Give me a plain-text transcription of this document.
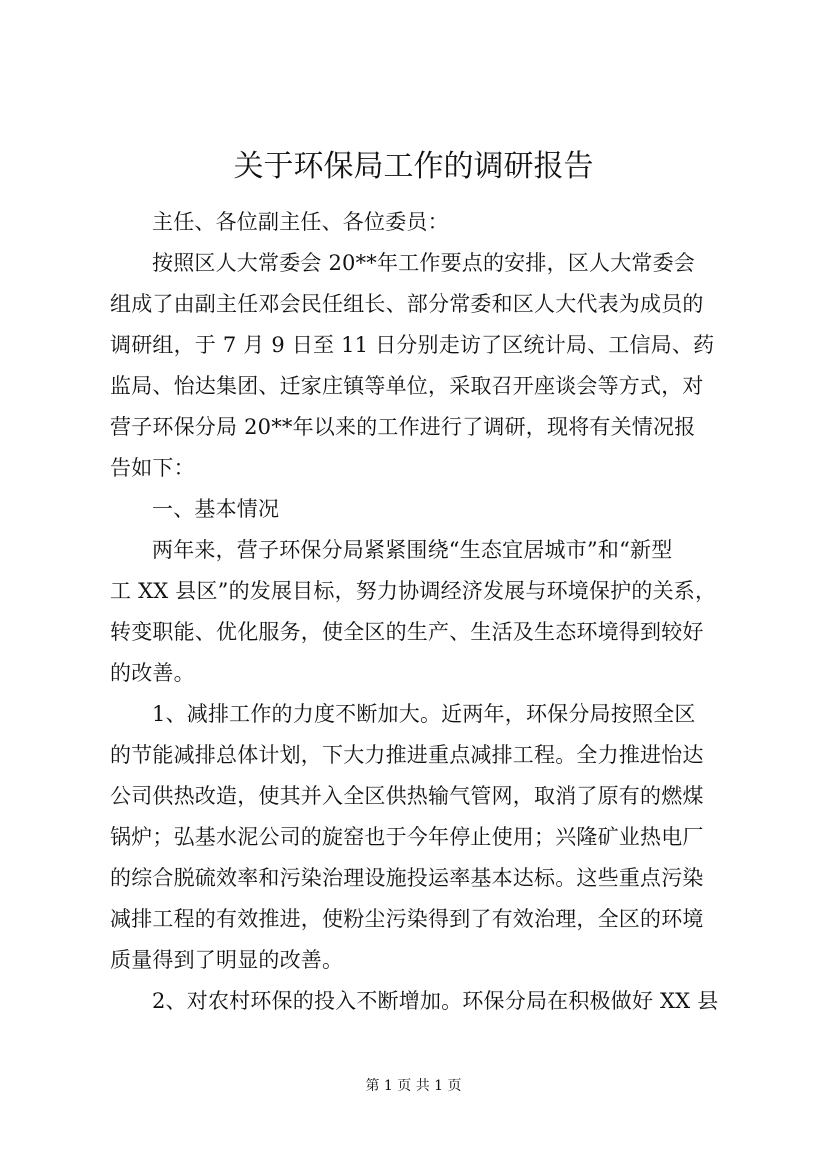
关于环保局工作的调研报告
主任、各位副主任、各位委员：
按照区人大常委会 20**年工作要点的安排，区人大常委会
组成了由副主任邓会民任组长、部分常委和区人大代表为成员的
调研组，于 7 月 9 日至 11 日分别走访了区统计局、工信局、药
监局、怡达集团、迁家庄镇等单位，采取召开座谈会等方式，对
营子环保分局 20**年以来的工作进行了调研，现将有关情况报
告如下：
一、基本情况
两年来，营子环保分局紧紧围绕“生态宜居城市”和“新型
工 XX 县区”的发展目标，努力协调经济发展与环境保护的关系，
转变职能、优化服务，使全区的生产、生活及生态环境得到较好
的改善。
1、减排工作的力度不断加大。近两年，环保分局按照全区
的节能减排总体计划，下大力推进重点减排工程。全力推进怡达
公司供热改造，使其并入全区供热输气管网，取消了原有的燃煤
锅炉；弘基水泥公司的旋窑也于今年停止使用；兴隆矿业热电厂
的综合脱硫效率和污染治理设施投运率基本达标。这些重点污染
减排工程的有效推进，使粉尘污染得到了有效治理，全区的环境
质量得到了明显的改善。
2、对农村环保的投入不断增加。环保分局在积极做好 XX 县
第 1 页 共 1 页
